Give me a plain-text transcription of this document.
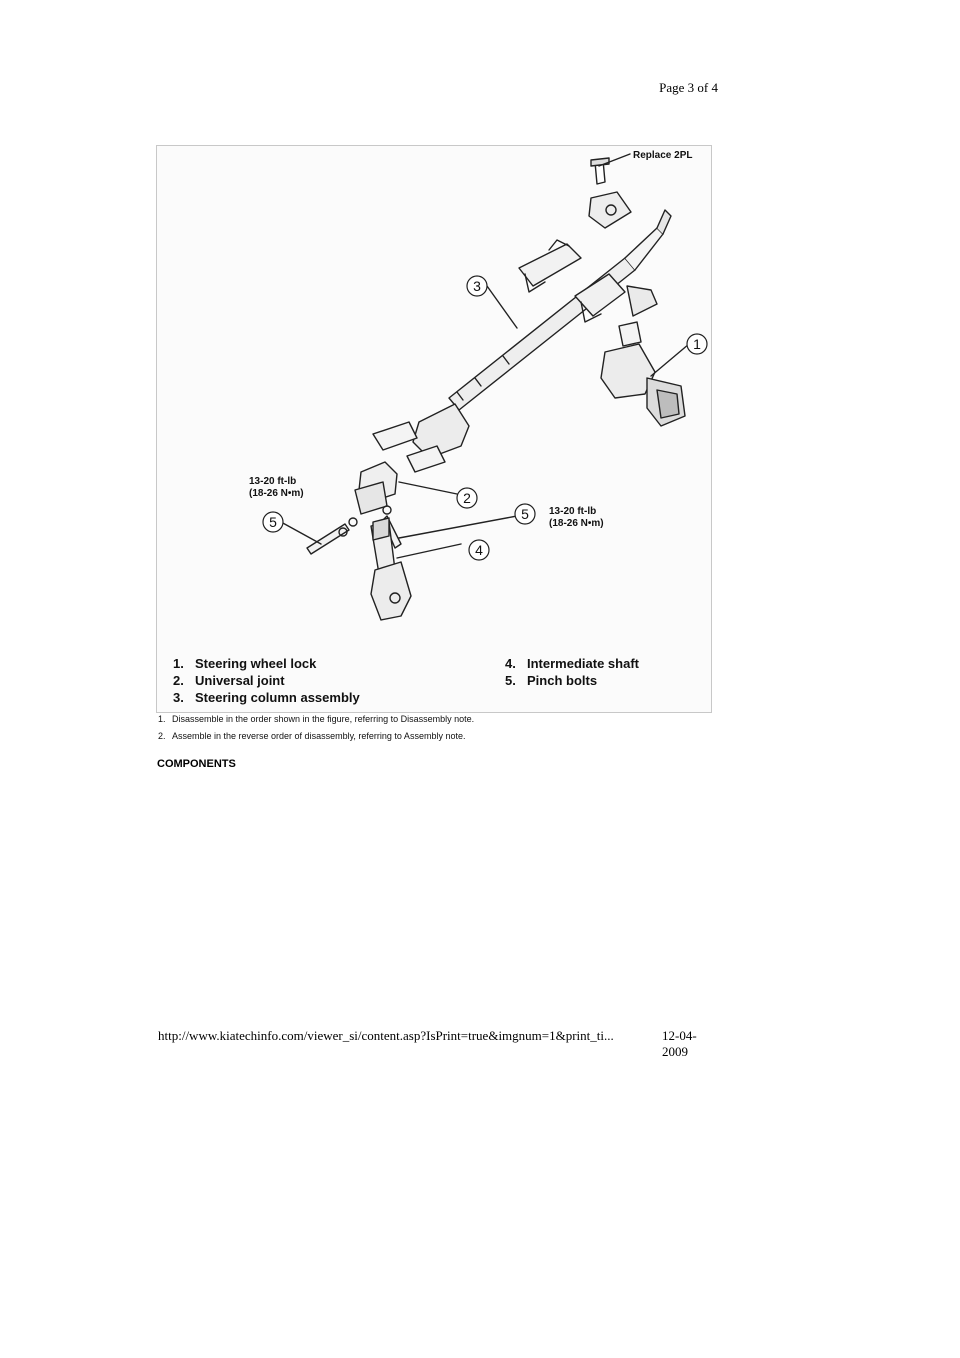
Page 3 of 4
Replace 2PL
13-20 ft-lb
(18-26 N•m)
13-20 ft-lb
(18-26 N•m)
1
2
3
4
5	5
1. Steering wheel lock
2. Universal joint
3. Steering column assembly
4. Intermediate shaft
5. Pinch bolts
1. Disassemble in the order shown in the figure, referring to Disassembly note.
2. Assemble in the reverse order of disassembly, referring to Assembly note.
COMPONENTS
http://www.kiatechinfo.com/viewer_si/content.asp?IsPrint=true&imgnum=1&print_ti...	12-04-2009
